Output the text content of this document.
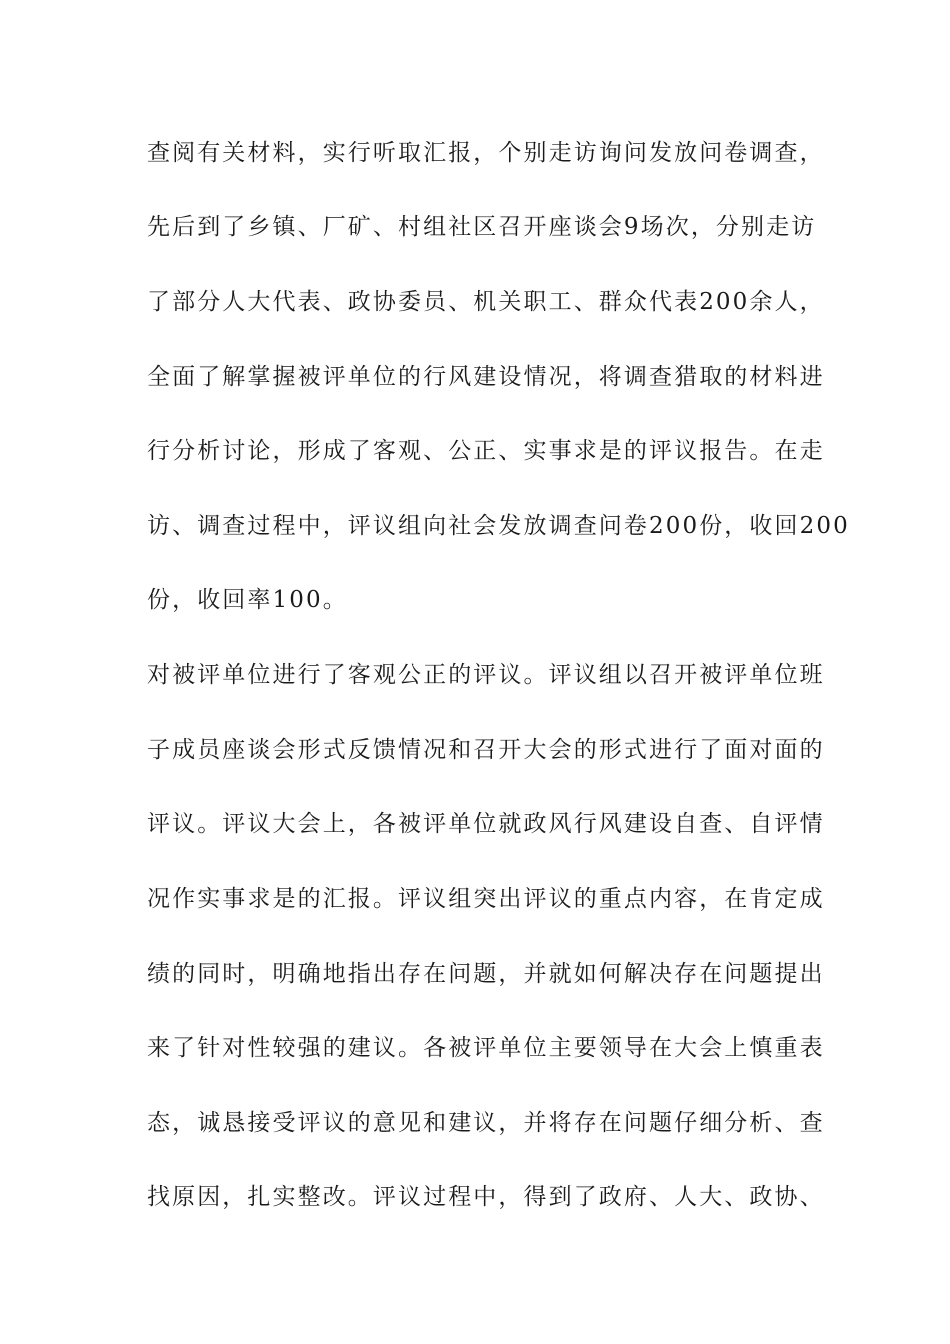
查阅有关材料，实行听取汇报，个别走访询问发放问卷调查，
先后到了乡镇、厂矿、村组社区召开座谈会9场次，分别走访
了部分人大代表、政协委员、机关职工、群众代表200余人，
全面了解掌握被评单位的行风建设情况，将调查猎取的材料进
行分析讨论，形成了客观、公正、实事求是的评议报告。在走
访、调查过程中，评议组向社会发放调查问卷200份，收回200
份，收回率100。
对被评单位进行了客观公正的评议。评议组以召开被评单位班
子成员座谈会形式反馈情况和召开大会的形式进行了面对面的
评议。评议大会上，各被评单位就政风行风建设自查、自评情
况作实事求是的汇报。评议组突出评议的重点内容，在肯定成
绩的同时，明确地指出存在问题，并就如何解决存在问题提出
来了针对性较强的建议。各被评单位主要领导在大会上慎重表
态，诚恳接受评议的意见和建议，并将存在问题仔细分析、查
找原因，扎实整改。评议过程中，得到了政府、人大、政协、
